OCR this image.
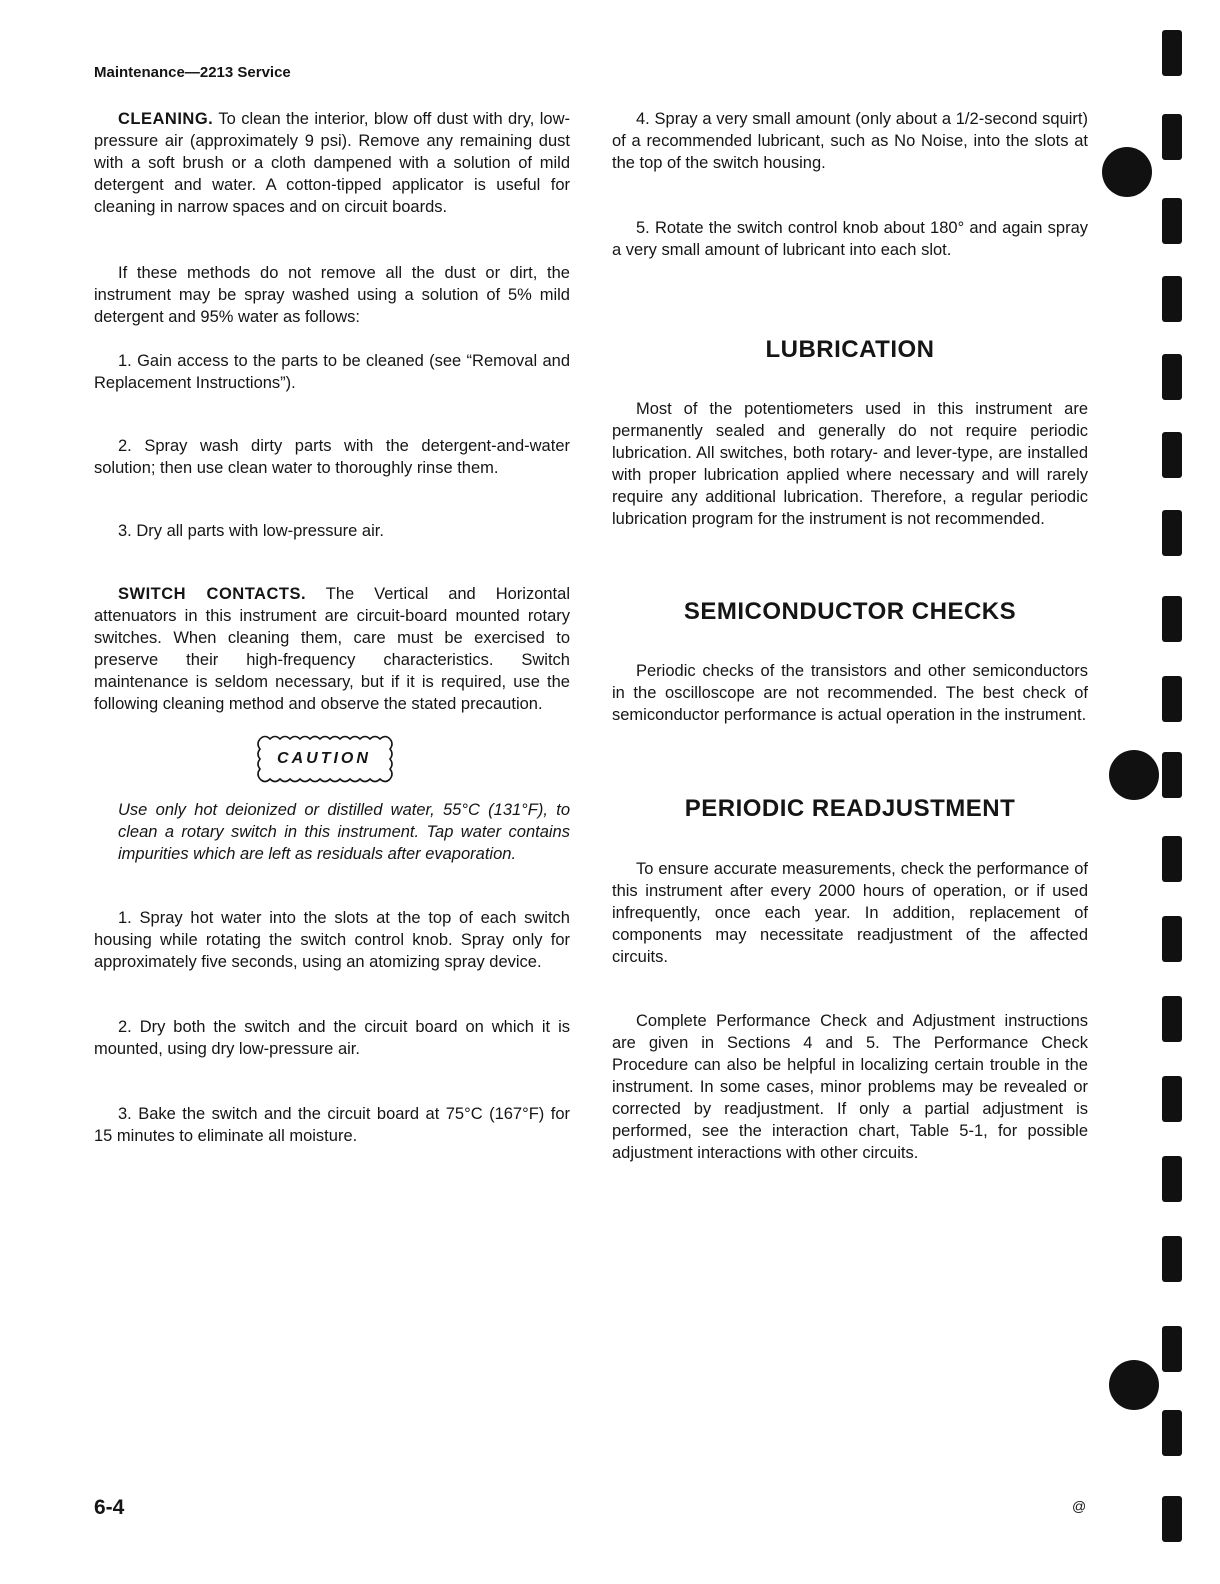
Maintenance—2213 Service

CLEANING. To clean the interior, blow off dust with dry, low-pressure air (approximately 9 psi). Remove any remaining dust with a soft brush or a cloth dampened with a solution of mild detergent and water. A cotton-tipped applicator is useful for cleaning in narrow spaces and on circuit boards.

If these methods do not remove all the dust or dirt, the instrument may be spray washed using a solution of 5% mild detergent and 95% water as follows:

1. Gain access to the parts to be cleaned (see “Removal and Replacement Instructions”).

2. Spray wash dirty parts with the detergent-and-water solution; then use clean water to thoroughly rinse them.

3. Dry all parts with low-pressure air.

SWITCH CONTACTS. The Vertical and Horizontal attenuators in this instrument are circuit-board mounted rotary switches. When cleaning them, care must be exercised to preserve their high-frequency characteristics. Switch maintenance is seldom necessary, but if it is required, use the following cleaning method and observe the stated precaution.

CAUTION

Use only hot deionized or distilled water, 55°C (131°F), to clean a rotary switch in this instrument. Tap water contains impurities which are left as residuals after evaporation.

1. Spray hot water into the slots at the top of each switch housing while rotating the switch control knob. Spray only for approximately five seconds, using an atomizing spray device.

2. Dry both the switch and the circuit board on which it is mounted, using dry low-pressure air.

3. Bake the switch and the circuit board at 75°C (167°F) for 15 minutes to eliminate all moisture.

4. Spray a very small amount (only about a 1/2-second squirt) of a recommended lubricant, such as No Noise, into the slots at the top of the switch housing.

5. Rotate the switch control knob about 180° and again spray a very small amount of lubricant into each slot.

LUBRICATION

Most of the potentiometers used in this instrument are permanently sealed and generally do not require periodic lubrication. All switches, both rotary- and lever-type, are installed with proper lubrication applied where necessary and will rarely require any additional lubrication. Therefore, a regular periodic lubrication program for the instrument is not recommended.

SEMICONDUCTOR CHECKS

Periodic checks of the transistors and other semiconductors in the oscilloscope are not recommended. The best check of semiconductor performance is actual operation in the instrument.

PERIODIC READJUSTMENT

To ensure accurate measurements, check the performance of this instrument after every 2000 hours of operation, or if used infrequently, once each year. In addition, replacement of components may necessitate readjustment of the affected circuits.

Complete Performance Check and Adjustment instructions are given in Sections 4 and 5. The Performance Check Procedure can also be helpful in localizing certain trouble in the instrument. In some cases, minor problems may be revealed or corrected by readjustment. If only a partial adjustment is performed, see the interaction chart, Table 5-1, for possible adjustment interactions with other circuits.

6-4	@
